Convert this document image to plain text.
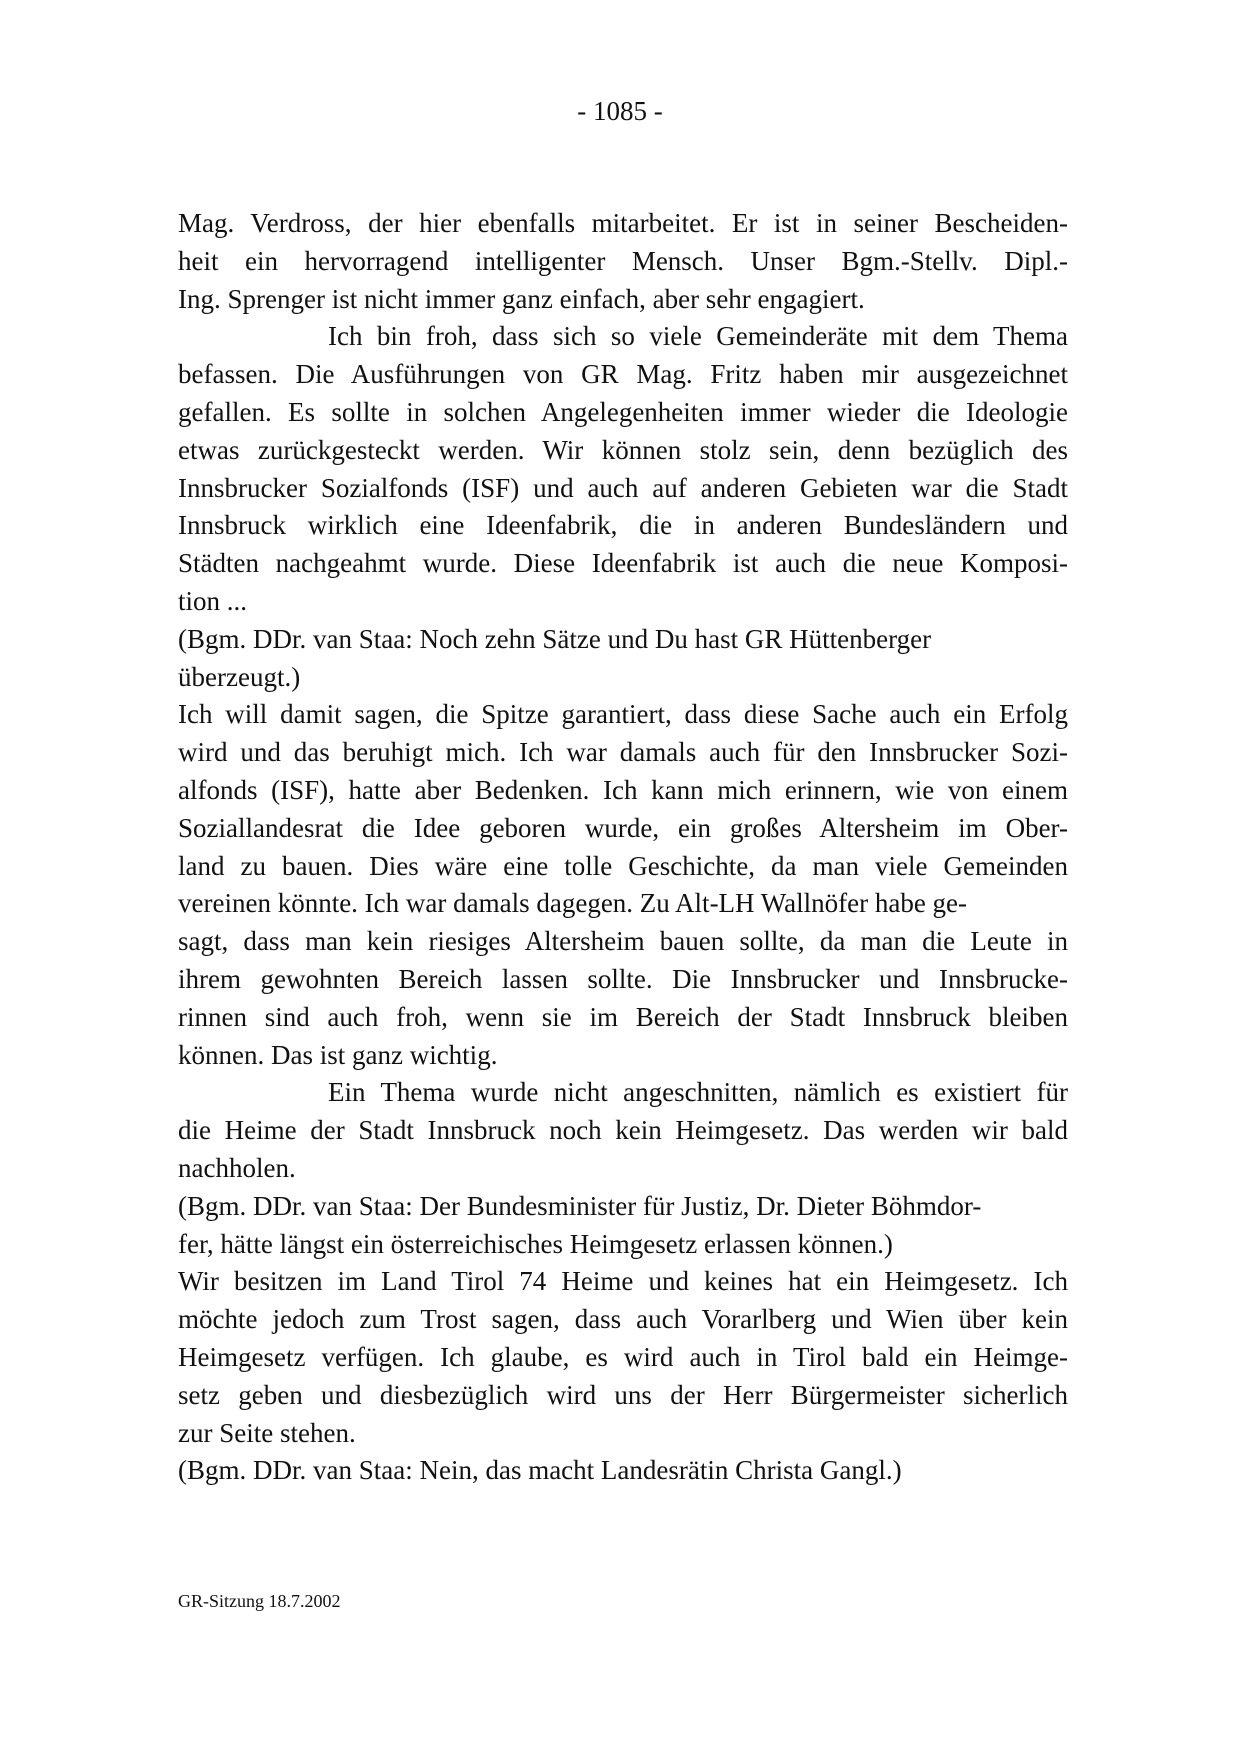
- 1085 -
Mag. Verdross, der hier ebenfalls mitarbeitet. Er ist in seiner Bescheiden-
heit ein hervorragend intelligenter Mensch. Unser Bgm.-Stellv. Dipl.-
Ing. Sprenger ist nicht immer ganz einfach, aber sehr engagiert.
Ich bin froh, dass sich so viele Gemeinderäte mit dem Thema
befassen. Die Ausführungen von GR Mag. Fritz haben mir ausgezeichnet
gefallen. Es sollte in solchen Angelegenheiten immer wieder die Ideologie
etwas zurückgesteckt werden. Wir können stolz sein, denn bezüglich des
Innsbrucker Sozialfonds (ISF) und auch auf anderen Gebieten war die Stadt
Innsbruck wirklich eine Ideenfabrik, die in anderen Bundesländern und
Städten nachgeahmt wurde. Diese Ideenfabrik ist auch die neue Komposi-
tion ...
(Bgm. DDr. van Staa: Noch zehn Sätze und Du hast GR Hüttenberger
überzeugt.)
Ich will damit sagen, die Spitze garantiert, dass diese Sache auch ein Erfolg
wird und das beruhigt mich. Ich war damals auch für den Innsbrucker Sozi-
alfonds (ISF), hatte aber Bedenken. Ich kann mich erinnern, wie von einem
Soziallandesrat die Idee geboren wurde, ein großes Altersheim im Ober-
land zu bauen. Dies wäre eine tolle Geschichte, da man viele Gemeinden
vereinen könnte. Ich war damals dagegen. Zu Alt-LH Wallnöfer habe ge-
sagt, dass man kein riesiges Altersheim bauen sollte, da man die Leute in
ihrem gewohnten Bereich lassen sollte. Die Innsbrucker und Innsbrucke-
rinnen sind auch froh, wenn sie im Bereich der Stadt Innsbruck bleiben
können. Das ist ganz wichtig.
Ein Thema wurde nicht angeschnitten, nämlich es existiert für
die Heime der Stadt Innsbruck noch kein Heimgesetz. Das werden wir bald
nachholen.
(Bgm. DDr. van Staa: Der Bundesminister für Justiz, Dr. Dieter Böhmdor-
fer, hätte längst ein österreichisches Heimgesetz erlassen können.)
Wir besitzen im Land Tirol 74 Heime und keines hat ein Heimgesetz. Ich
möchte jedoch zum Trost sagen, dass auch Vorarlberg und Wien über kein
Heimgesetz verfügen. Ich glaube, es wird auch in Tirol bald ein Heimge-
setz geben und diesbezüglich wird uns der Herr Bürgermeister sicherlich
zur Seite stehen.
(Bgm. DDr. van Staa: Nein, das macht Landesrätin Christa Gangl.)
GR-Sitzung 18.7.2002
